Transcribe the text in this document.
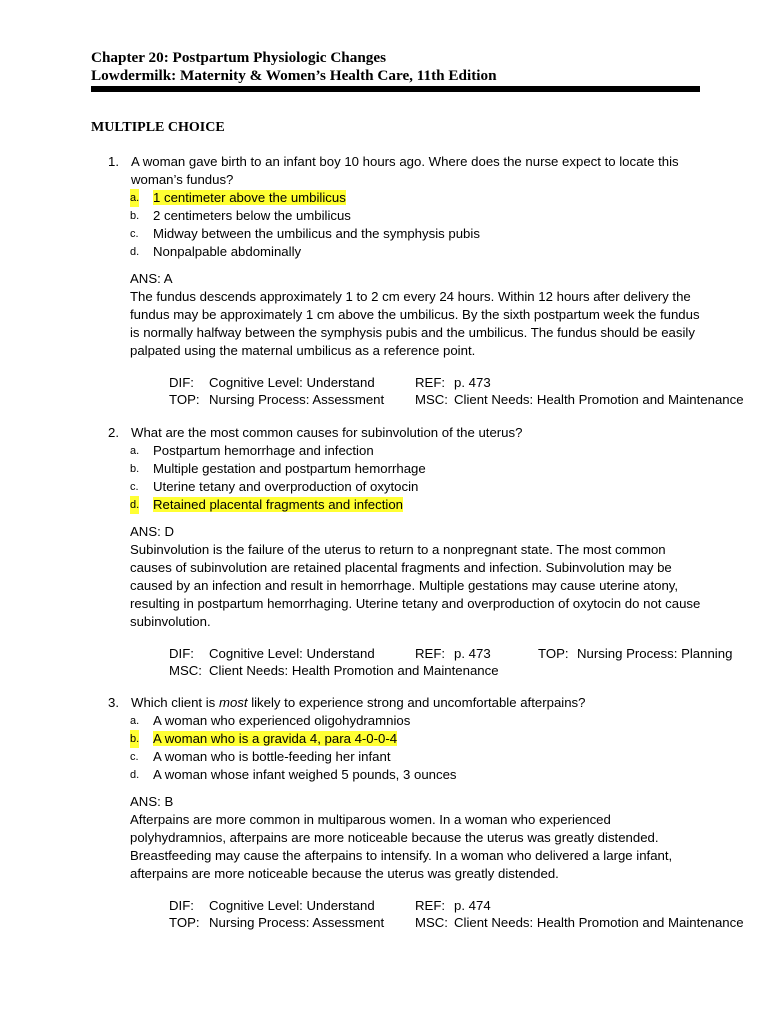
Chapter 20: Postpartum Physiologic Changes
Lowdermilk: Maternity & Women’s Health Care, 11th Edition
MULTIPLE CHOICE
1. A woman gave birth to an infant boy 10 hours ago. Where does the nurse expect to locate this woman’s fundus?
a. 1 centimeter above the umbilicus
b. 2 centimeters below the umbilicus
c. Midway between the umbilicus and the symphysis pubis
d. Nonpalpable abdominally
ANS: A
The fundus descends approximately 1 to 2 cm every 24 hours. Within 12 hours after delivery the fundus may be approximately 1 cm above the umbilicus. By the sixth postpartum week the fundus is normally halfway between the symphysis pubis and the umbilicus. The fundus should be easily palpated using the maternal umbilicus as a reference point.
DIF: Cognitive Level: Understand	REF: p. 473
TOP: Nursing Process: Assessment MSC: Client Needs: Health Promotion and Maintenance
2. What are the most common causes for subinvolution of the uterus?
a. Postpartum hemorrhage and infection
b. Multiple gestation and postpartum hemorrhage
c. Uterine tetany and overproduction of oxytocin
d. Retained placental fragments and infection
ANS: D
Subinvolution is the failure of the uterus to return to a nonpregnant state. The most common causes of subinvolution are retained placental fragments and infection. Subinvolution may be caused by an infection and result in hemorrhage. Multiple gestations may cause uterine atony, resulting in postpartum hemorrhaging. Uterine tetany and overproduction of oxytocin do not cause subinvolution.
DIF: Cognitive Level: Understand	REF: p. 473	TOP: Nursing Process: Planning
MSC: Client Needs: Health Promotion and Maintenance
3. Which client is most likely to experience strong and uncomfortable afterpains?
a. A woman who experienced oligohydramnios
b. A woman who is a gravida 4, para 4-0-0-4
c. A woman who is bottle-feeding her infant
d. A woman whose infant weighed 5 pounds, 3 ounces
ANS: B
Afterpains are more common in multiparous women. In a woman who experienced polyhydramnios, afterpains are more noticeable because the uterus was greatly distended. Breastfeeding may cause the afterpains to intensify. In a woman who delivered a large infant, afterpains are more noticeable because the uterus was greatly distended.
DIF: Cognitive Level: Understand	REF: p. 474
TOP: Nursing Process: Assessment MSC: Client Needs: Health Promotion and Maintenance
